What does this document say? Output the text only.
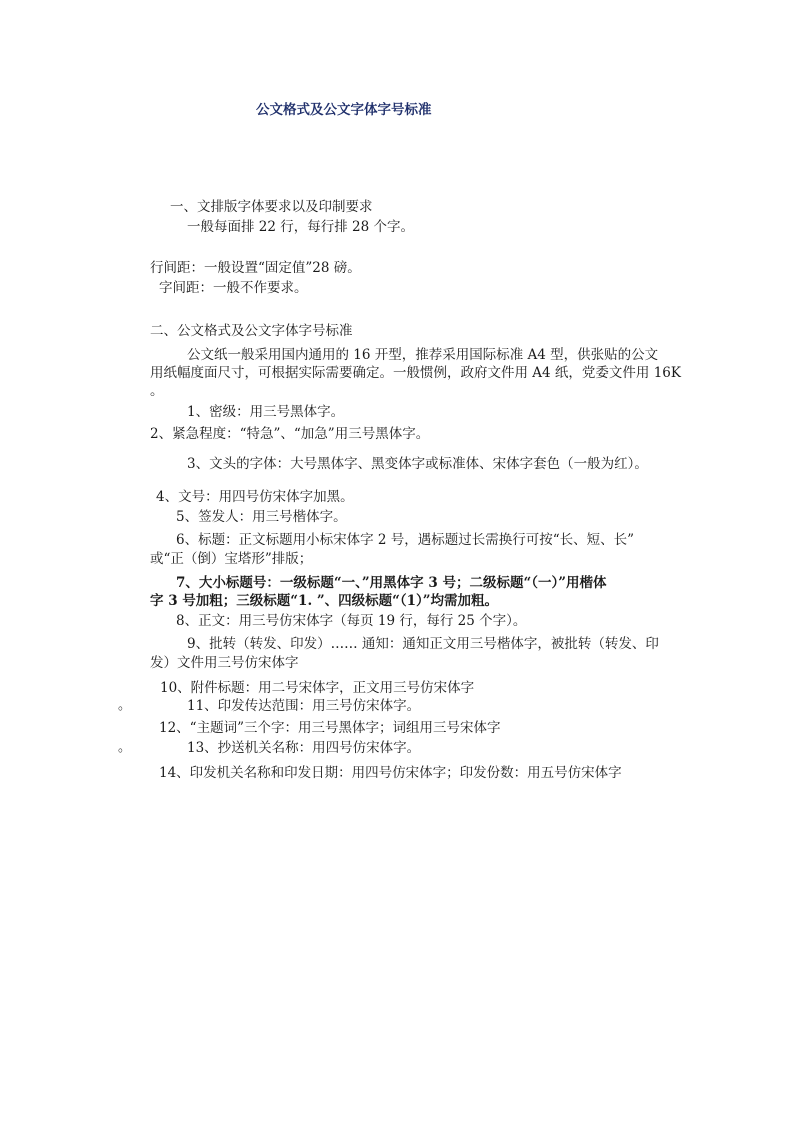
公文格式及公文字体字号标准
一、文排版字体要求以及印制要求
一般每面排 22 行，每行排 28 个字。
行间距：一般设置“固定值”28 磅。
字间距：一般不作要求。
二、公文格式及公文字体字号标准
公文纸一般采用国内通用的 16 开型，推荐采用国际标准 A4 型，供张贴的公文
用纸幅度面尺寸，可根据实际需要确定。一般惯例，政府文件用 A4 纸，党委文件用 16K
。
1、密级：用三号黑体字。
2、紧急程度：“特急”、“加急”用三号黑体字。
3、文头的字体：大号黑体字、黑变体字或标准体、宋体字套色（一般为红）。
4、文号：用四号仿宋体字加黑。
5、签发人：用三号楷体字。
6、标题：正文标题用小标宋体字 2 号，遇标题过长需换行可按“长、短、长”
或“正（倒）宝塔形”排版；
7、大小标题号：一级标题“一、”用黑体字 3 号；二级标题“（一）”用楷体
字 3 号加粗；三级标题“1. ”、四级标题“（1）”均需加粗。
8、正文：用三号仿宋体字（每页 19 行，每行 25 个字）。
9、批转（转发、印发）…… 通知：通知正文用三号楷体字，被批转（转发、印
发）文件用三号仿宋体字
10、附件标题：用二号宋体字，正文用三号仿宋体字
。	11、印发传达范围：用三号仿宋体字。
12、“主题词”三个字：用三号黑体字；词组用三号宋体字
。	13、抄送机关名称：用四号仿宋体字。
14、印发机关名称和印发日期：用四号仿宋体字；印发份数：用五号仿宋体字
